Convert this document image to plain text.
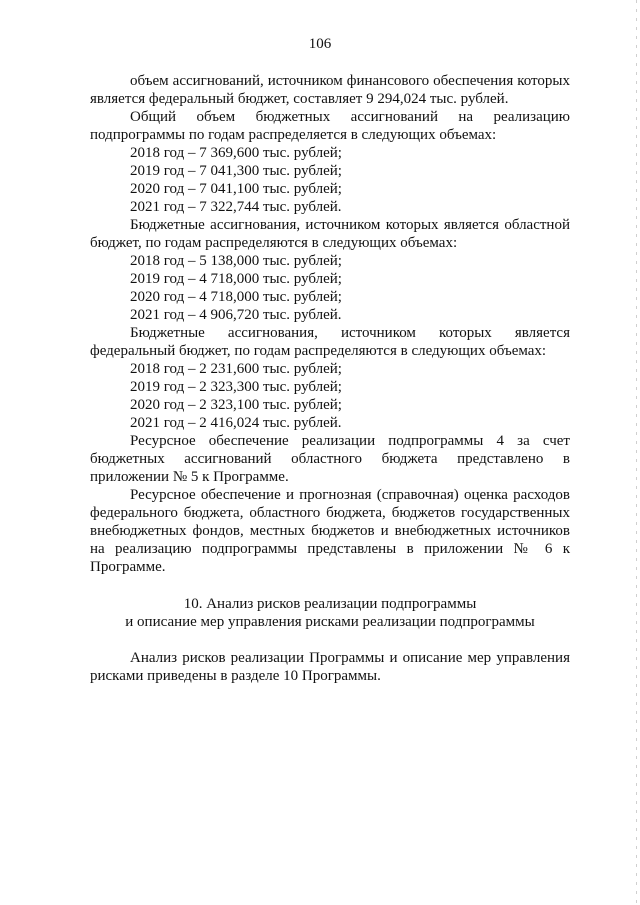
106
объем ассигнований, источником финансового обеспечения которых
является федеральный бюджет, составляет 9 294,024 тыс. рублей.
Общий объем бюджетных ассигнований на реализацию
подпрограммы по годам распределяется в следующих объемах:
2018 год – 7 369,600 тыс. рублей;
2019 год – 7 041,300 тыс. рублей;
2020 год – 7 041,100 тыс. рублей;
2021 год – 7 322,744 тыс. рублей.
Бюджетные ассигнования, источником которых является областной
бюджет, по годам распределяются в следующих объемах:
2018 год – 5 138,000 тыс. рублей;
2019 год – 4 718,000 тыс. рублей;
2020 год – 4 718,000 тыс. рублей;
2021 год – 4 906,720 тыс. рублей.
Бюджетные ассигнования, источником которых является
федеральный бюджет, по годам распределяются в следующих объемах:
2018 год – 2 231,600 тыс. рублей;
2019 год – 2 323,300 тыс. рублей;
2020 год – 2 323,100 тыс. рублей;
2021 год – 2 416,024 тыс. рублей.
Ресурсное обеспечение реализации подпрограммы 4 за счет
бюджетных ассигнований областного бюджета представлено в
приложении № 5 к Программе.
Ресурсное обеспечение и прогнозная (справочная) оценка расходов
федерального бюджета, областного бюджета, бюджетов государственных
внебюджетных фондов, местных бюджетов и внебюджетных источников
на реализацию подпрограммы представлены в приложении № 6 к
Программе.
10. Анализ рисков реализации подпрограммы
и описание мер управления рисками реализации подпрограммы
Анализ рисков реализации Программы и описание мер управления
рисками приведены в разделе 10 Программы.
